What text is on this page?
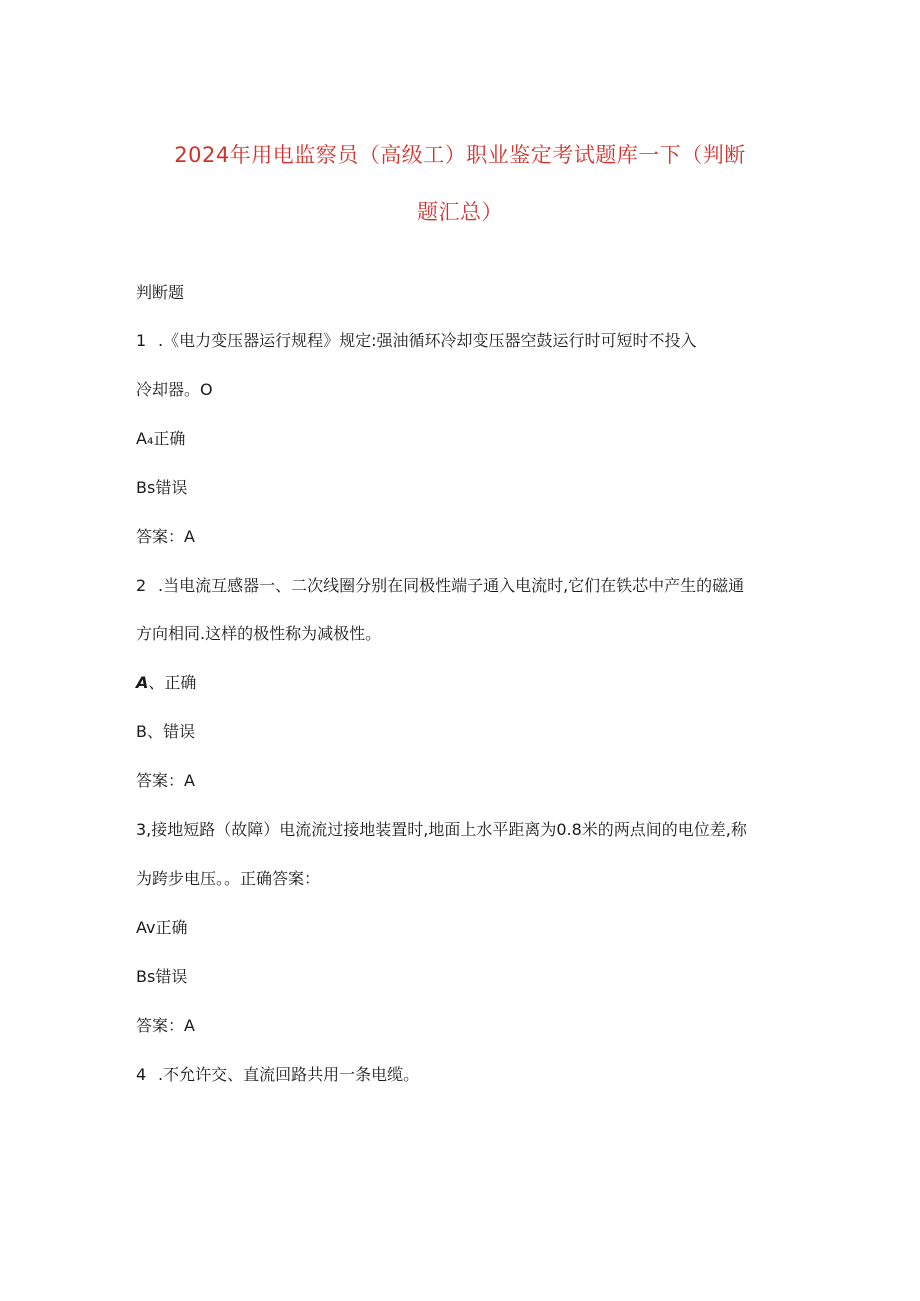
2024年用电监察员（高级工）职业鉴定考试题库一下（判断
题汇总）
判断题
1 .《电力变压器运行规程》规定:强油循环冷却变压器空鼓运行时可短时不投入
冷却器。O
A₄正确
Bs错误
答案：A
2 .当电流互感器一、二次线圈分别在同极性端子通入电流时,它们在铁芯中产生的磁通
方向相同.这样的极性称为减极性。
A、正确
B、错误
答案：A
3,接地短路（故障）电流流过接地装置时,地面上水平距离为0.8米的两点间的电位差,称
为跨步电压。。正确答案：
Av正确
Bs错误
答案：A
4 .不允许交、直流回路共用一条电缆。
